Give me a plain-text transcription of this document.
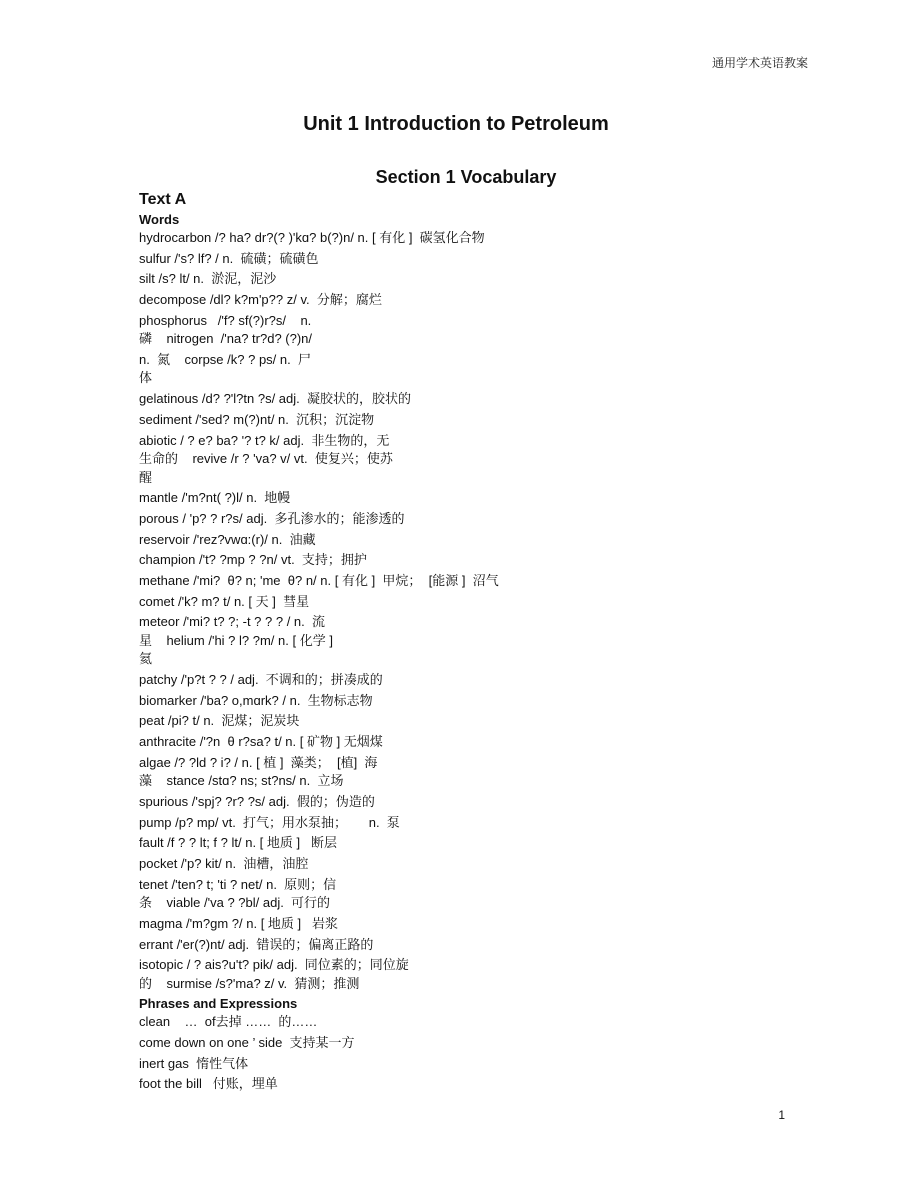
通用学术英语教案
Unit 1 Introduction to Petroleum
Section 1 Vocabulary
Text A
Words
hydrocarbon /? ha? dr?(? )'kɑ? b(?)n/ n. [ 有化 ]  碳氢化合物
sulfur /'s? lf? / n.  硫磺；硫磺色
silt /s? lt/ n.  淤泥，泥沙
decompose /dl? k?m'p?? z/ v.  分解；腐烂
phosphorus   /'f? sf(?)r?s/    n.
磷    nitrogen  /'na? tr?d? (?)n/
n.  氮    corpse /k? ? ps/ n.  尸
体
gelatinous /d? ?'l?tn ?s/ adj.  凝胶状的，胶状的
sediment /'sed? m(?)nt/ n.  沉积；沉淀物
abiotic / ? e? ba? '? t? k/ adj.  非生物的，无
生命的    revive /r ? 'va? v/ vt.  使复兴；使苏
醒
mantle /'m?nt( ?)l/ n.  地幔
porous / 'p? ? r?s/ adj.  多孔渗水的；能渗透的
reservoir /'rez?vwɑ:(r)/ n.  油藏
champion /'t? ?mp ? ?n/ vt.  支持；拥护
methane /'mi?  θ? n; 'me  θ? n/ n. [ 有化 ]  甲烷；  [能源 ]  沼气
comet /'k? m? t/ n. [ 天 ]  彗星
meteor /'mi? t? ?; -t ? ? ? / n.  流
星    helium /'hi ? l? ?m/ n. [ 化学 ]
氦
patchy /'p?t ? ? / adj.  不调和的；拼凑成的
biomarker /'ba? o,mɑrk? / n.  生物标志物
peat /pi? t/ n.  泥煤；泥炭块
anthracite /'?n  θ r?sa? t/ n. [ 矿物 ] 无烟煤
algae /? ?ld ? i? / n. [ 植 ]  藻类；  [植]  海
藻    stance /stɑ? ns; st?ns/ n.  立场
spurious /'spj? ?r? ?s/ adj.  假的；伪造的
pump /p? mp/ vt.  打气；用水泵抽；      n.  泵
fault /f ? ? lt; f ? lt/ n. [ 地质 ]   断层
pocket /'p? kit/ n.  油槽，油腔
tenet /'ten? t; 'ti ? net/ n.  原则；信
条    viable /'va ? ?bl/ adj.  可行的
magma /'m?gm ?/ n. [ 地质 ]   岩浆
errant /'er(?)nt/ adj.  错误的；偏离正路的
isotopic / ? ais?u't? pik/ adj.  同位素的；同位旋
的    surmise /s?'ma? z/ v.  猜测；推测
Phrases and Expressions
clean    …  of去掉 ……  的……
come down on one ’ side  支持某一方
inert gas  惰性气体
foot the bill   付账，埋单
1
